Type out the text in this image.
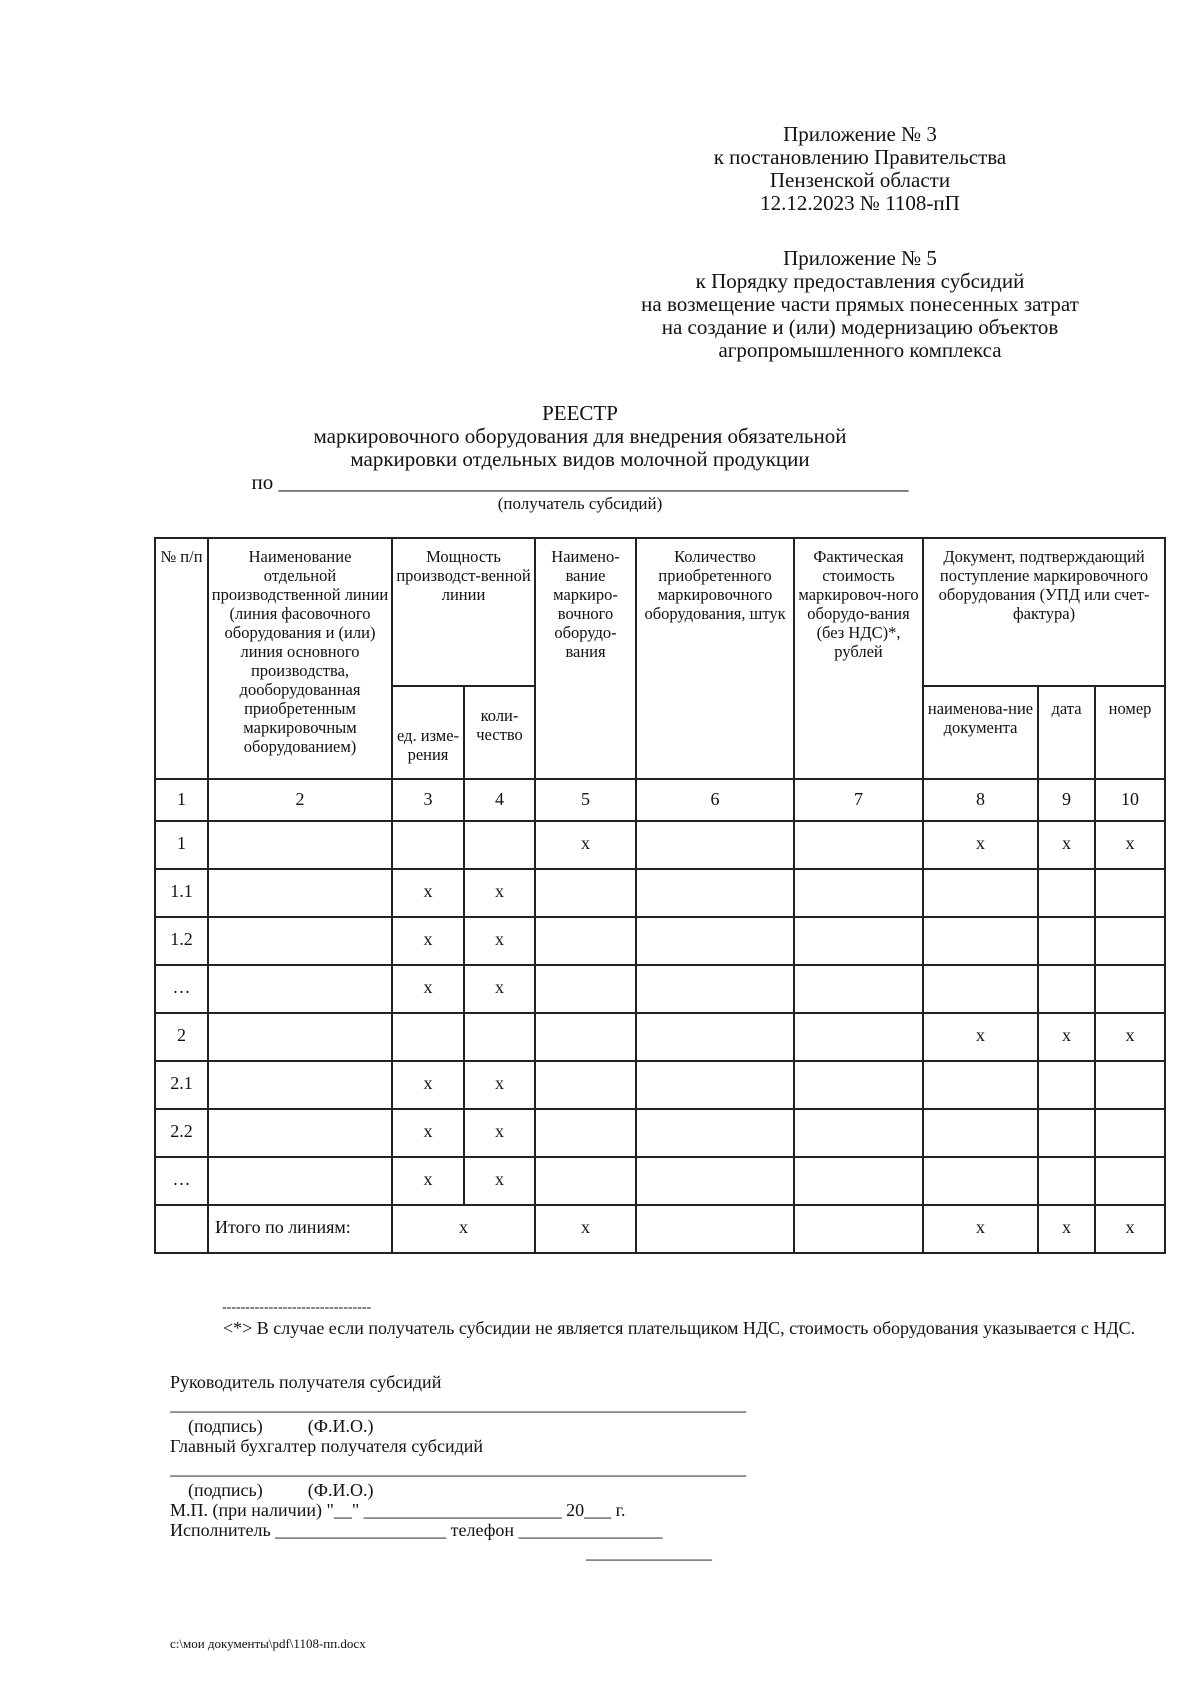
Приложение № 3
к постановлению Правительства
Пензенской области
12.12.2023 № 1108-пП
Приложение № 5
к Порядку предоставления субсидий
на возмещение части прямых понесенных затрат
на создание и (или) модернизацию объектов
агропромышленного комплекса
РЕЕСТР
маркировочного оборудования для внедрения обязательной
маркировки отдельных видов молочной продукции
по ____________________________________________________________
(получатель субсидий)
№ п/п	Наименование отдельной производственной линии (линия фасовочного оборудования и (или) линия основного производства, дооборудованная приобретенным маркировочным оборудованием)	Мощность производст-венной линии		Наимено-вание маркиро-вочного оборудо-вания	Количество приобретенного маркировочного оборудования, штук	Фактическая стоимость маркировоч-ного оборудо-вания (без НДС)*, рублей	Документ, подтверждающий поступление маркировочного оборудования (УПД или счет-фактура)		
		ед. изме-рения	коли-чество				наименова-ние документа	дата	номер
1	2	3	4	5	6	7	8	9	10
1				x			x	x	x
1.1		x	x						
1.2		x	x						
…		x	x						
2							x	x	x
2.1		x	x						
2.2		x	x						
…		x	x						
	Итого по линиям:	x		x			x	x	x
--------------------------------
<*> В случае если получатель субсидии не является плательщиком НДС, стоимость оборудования указывается с НДС.
Руководитель получателя субсидий
________________________________________________________________
(подпись)          (Ф.И.О.)
Главный бухгалтер получателя субсидий
________________________________________________________________
(подпись)          (Ф.И.О.)
М.П. (при наличии) "__" ______________________ 20___ г.
Исполнитель ___________________ телефон ________________
______________
c:\мои документы\pdf\1108-пп.docx
